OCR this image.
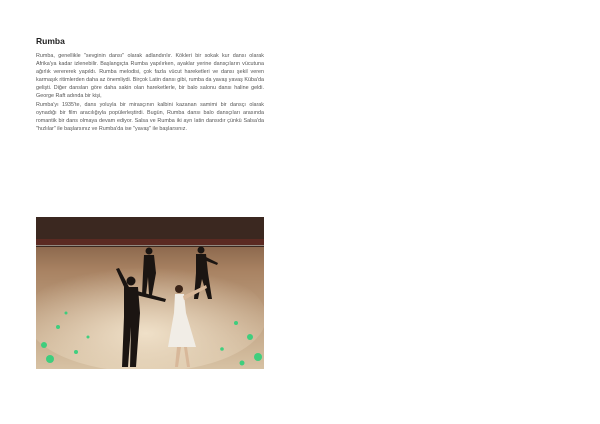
Rumba

Rumba, genellikle "sevginin dansı" olarak adlandırılır. Kökleri bir sokak kur dansı olarak Afrika'ya kadar izlenebilir. Başlangıçta Rumba yapılırken, ayaklar yerine dansçıların vücutuna ağırlık verererek yapıldı. Rumba melodisi, çok fazla vücut hareketleri ve dansı şekil veren karmaşık ritimlerden daha az önemliydi. Birçok Latin dansı gibi, rumba da yavaş yavaş Küba'da gelişti. Diğer dansları göre daha sakin olan hareketlerle, bir balo salonu dansı haline geldi. George Raft adında bir kişi,
Rumba'yı 1935'te, dans yoluyla bir mirasçının kalbini kazanan samimi bir dansçı olarak oynadığı bir film aracılığıyla popülerleştirdi. Bugün, Rumba dansı balo dansçıları arasında romantik bir dans olmaya devam ediyor. Salsa ve Rumba iki ayrı latin dansıdır çünkü Salsa'da "hızlılar" ile başlarsınız ve Rumba'da ise "yavaş" ile başlarsınız.
